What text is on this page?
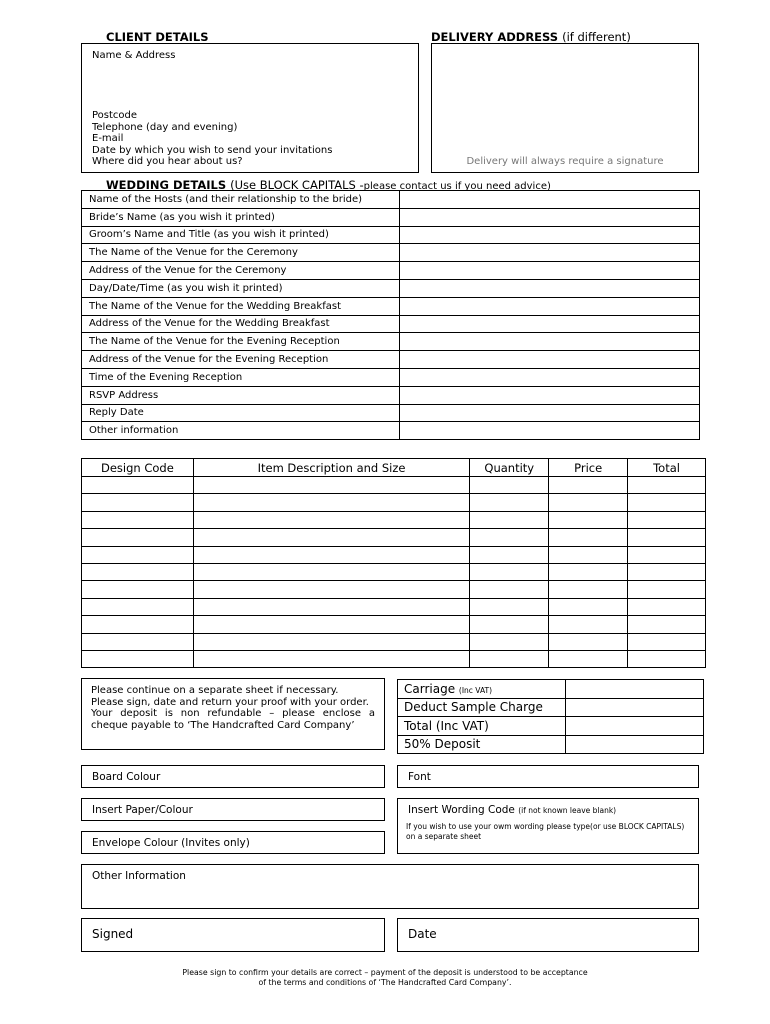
CLIENT DETAILS
Name & Address
Postcode
Telephone (day and evening)
E-mail
Date by which you wish to send your invitations
Where did you hear about us?
DELIVERY ADDRESS (if different)
Delivery will always require a signature
WEDDING DETAILS (Use BLOCK CAPITALS -please contact us if you need advice)
Name of the Hosts (and their relationship to the bride)	
Bride’s Name (as you wish it printed)	
Groom’s Name and Title (as you wish it printed)	
The Name of the Venue for the Ceremony	
Address of the Venue for the Ceremony	
Day/Date/Time (as you wish it printed)	
The Name of the Venue for the Wedding Breakfast	
Address of the Venue for the Wedding Breakfast	
The Name of the Venue for the Evening Reception	
Address of the Venue for the Evening Reception	
Time of the Evening Reception	
RSVP Address	
Reply Date	
Other information	
Design Code	Item Description and Size	Quantity	Price	Total

Please continue on a separate sheet if necessary.
Please sign, date and return your proof with your order.
Your deposit is non refundable – please enclose a cheque payable to ‘The Handcrafted Card Company’
Carriage (Inc VAT)	
Deduct Sample Charge	
Total (Inc VAT)	
50% Deposit	
Board Colour	Font
Insert Paper/Colour	Insert Wording Code (if not known leave blank)
If you wish to use your owm wording please type(or use BLOCK CAPITALS) on a separate sheet
Envelope Colour (Invites only)
Other Information
Signed	Date
Please sign to confirm your details are correct – payment of the deposit is understood to be acceptance
of the terms and conditions of ‘The Handcrafted Card Company’.
